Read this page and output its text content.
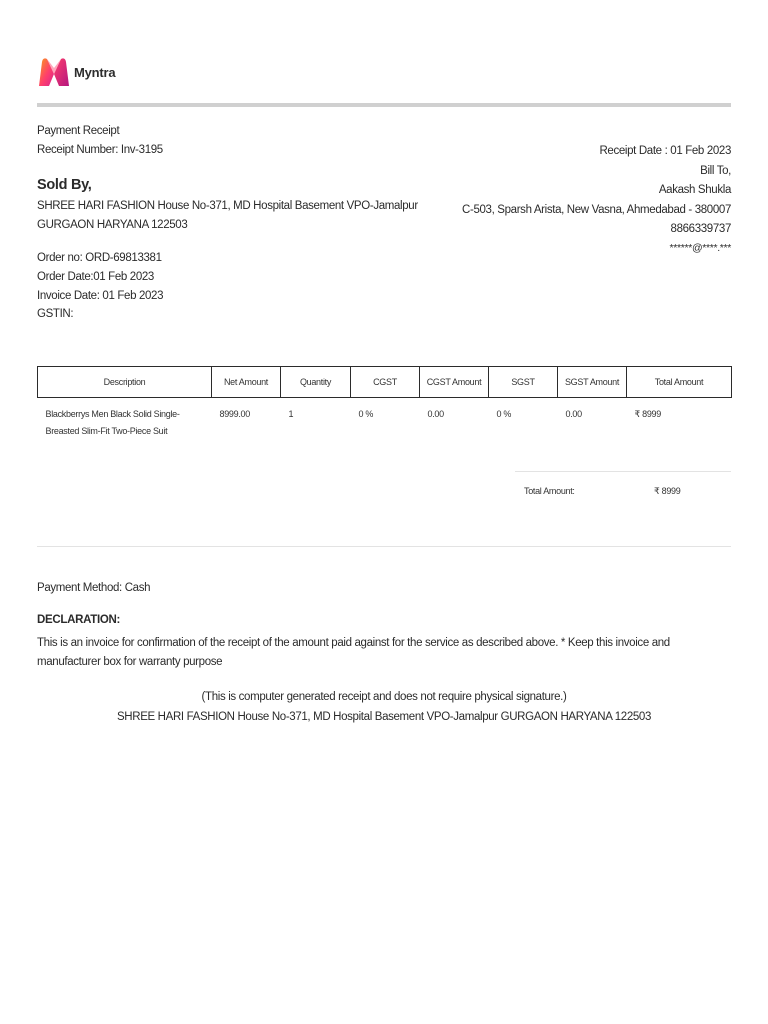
Myntra
Payment Receipt
Receipt Number: Inv-3195	Receipt Date : 01 Feb 2023
Bill To,
Aakash Shukla
C-503, Sparsh Arista, New Vasna, Ahmedabad - 380007
8866339737
******@****.***
Sold By,
SHREE HARI FASHION House No-371, MD Hospital Basement VPO-Jamalpur
GURGAON HARYANA 122503
Order no: ORD-69813381
Order Date:01 Feb 2023
Invoice Date: 01 Feb 2023
GSTIN:
Description	Net Amount	Quantity	CGST	CGST Amount	SGST	SGST Amount	Total Amount
Blackberrys Men Black Solid Single-Breasted Slim-Fit Two-Piece Suit	8999.00	1	0 %	0.00	0 %	0.00	₹ 8999
Total Amount:	₹ 8999
Payment Method: Cash
DECLARATION:
This is an invoice for confirmation of the receipt of the amount paid against for the service as described above. * Keep this invoice and manufacturer box for warranty purpose
(This is computer generated receipt and does not require physical signature.)
SHREE HARI FASHION House No-371, MD Hospital Basement VPO-Jamalpur GURGAON HARYANA 122503
